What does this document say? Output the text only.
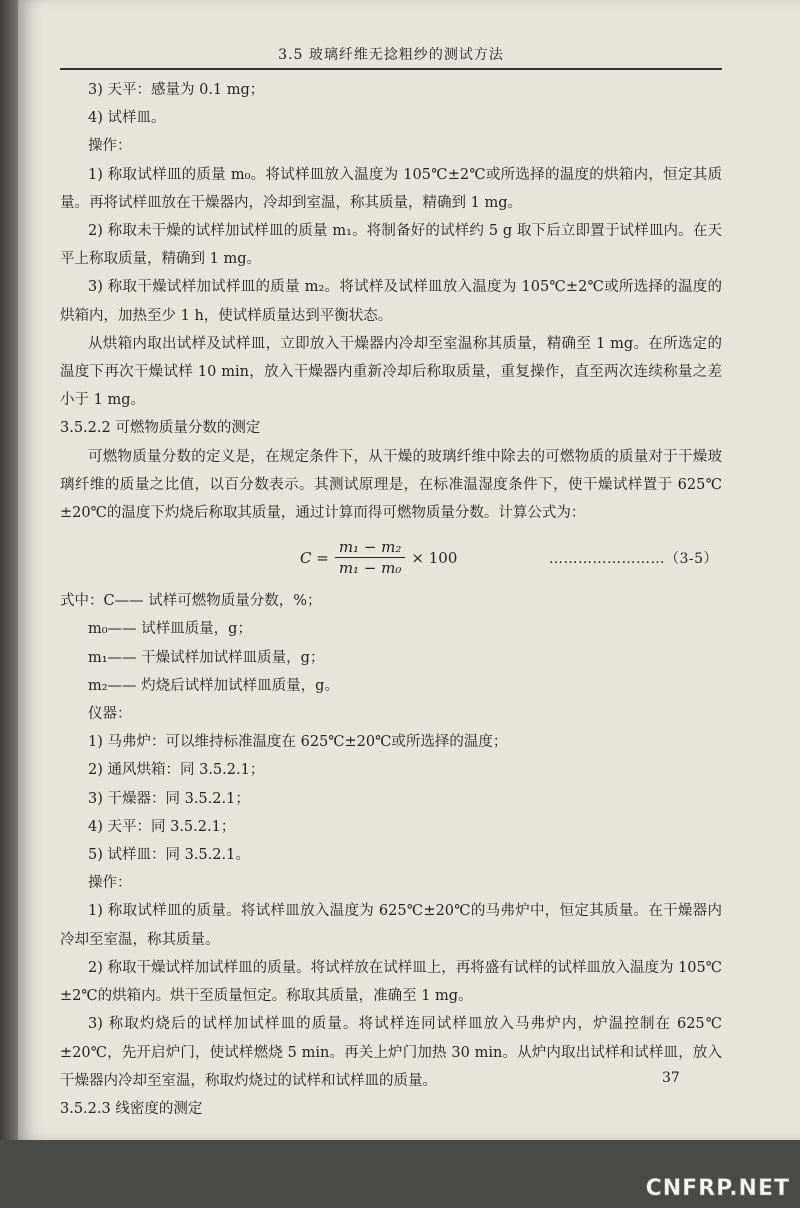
3.5 玻璃纤维无捻粗纱的测试方法

3) 天平：感量为 0.1 mg；

4) 试样皿。

操作：

1) 称取试样皿的质量 m₀。将试样皿放入温度为 105℃±2℃或所选择的温度的烘箱内，恒定其质量。再将试样皿放在干燥器内，冷却到室温，称其质量，精确到 1 mg。

2) 称取未干燥的试样加试样皿的质量 m₁。将制备好的试样约 5 g 取下后立即置于试样皿内。在天平上称取质量，精确到 1 mg。

3) 称取干燥试样加试样皿的质量 m₂。将试样及试样皿放入温度为 105℃±2℃或所选择的温度的烘箱内，加热至少 1 h，使试样质量达到平衡状态。

从烘箱内取出试样及试样皿，立即放入干燥器内冷却至室温称其质量，精确至 1 mg。在所选定的温度下再次干燥试样 10 min，放入干燥器内重新冷却后称取质量，重复操作，直至两次连续称量之差小于 1 mg。

3.5.2.2 可燃物质量分数的测定

可燃物质量分数的定义是，在规定条件下，从干燥的玻璃纤维中除去的可燃物质的质量对于干燥玻璃纤维的质量之比值，以百分数表示。其测试原理是，在标准温湿度条件下，使干燥试样置于 625℃±20℃的温度下灼烧后称取其质量，通过计算而得可燃物质量分数。计算公式为：

$C = \frac{\text{m₁ − m₂}}{\text{m₁ − m₀}} \times 100$	……………………（3-5）

式中：C—— 试样可燃物质量分数，%；

m₀—— 试样皿质量，g；

m₁—— 干燥试样加试样皿质量，g；

m₂—— 灼烧后试样加试样皿质量，g。

仪器：

1) 马弗炉：可以维持标准温度在 625℃±20℃或所选择的温度；

2) 通风烘箱：同 3.5.2.1；

3) 干燥器：同 3.5.2.1；

4) 天平：同 3.5.2.1；

5) 试样皿：同 3.5.2.1。

操作：

1) 称取试样皿的质量。将试样皿放入温度为 625℃±20℃的马弗炉中，恒定其质量。在干燥器内冷却至室温，称其质量。

2) 称取干燥试样加试样皿的质量。将试样放在试样皿上，再将盛有试样的试样皿放入温度为 105℃±2℃的烘箱内。烘干至质量恒定。称取其质量，准确至 1 mg。

3) 称取灼烧后的试样加试样皿的质量。将试样连同试样皿放入马弗炉内，炉温控制在 625℃±20℃，先开启炉门，使试样燃烧 5 min。再关上炉门加热 30 min。从炉内取出试样和试样皿，放入干燥器内冷却至室温，称取灼烧过的试样和试样皿的质量。

3.5.2.3 线密度的测定

37
CNFRP.NET
